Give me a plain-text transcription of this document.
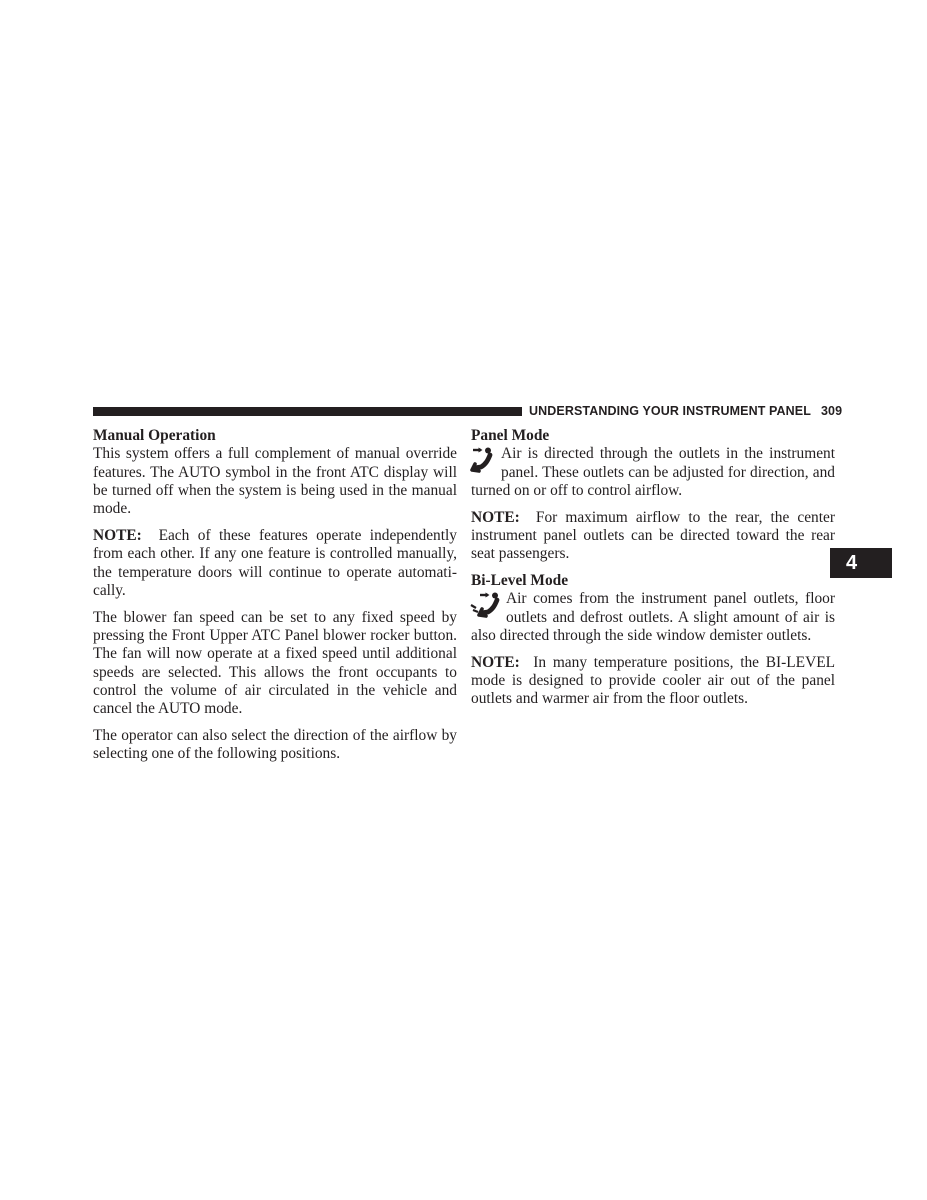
UNDERSTANDING YOUR INSTRUMENT PANEL 309
4
Manual Operation

This system offers a full complement of manual override features. The AUTO symbol in the front ATC display will be turned off when the system is being used in the manual mode.

NOTE: Each of these features operate independently from each other. If any one feature is controlled manually, the temperature doors will continue to operate automati-cally.

The blower fan speed can be set to any fixed speed by pressing the Front Upper ATC Panel blower rocker button. The fan will now operate at a fixed speed until additional speeds are selected. This allows the front occupants to control the volume of air circulated in the vehicle and cancel the AUTO mode.

The operator can also select the direction of the airflow by selecting one of the following positions.

Panel Mode

Air is directed through the outlets in the instrument panel. These outlets can be adjusted for direction, and turned on or off to control airflow.

NOTE: For maximum airflow to the rear, the center instrument panel outlets can be directed toward the rear seat passengers.

Bi-Level Mode

Air comes from the instrument panel outlets, floor outlets and defrost outlets. A slight amount of air is also directed through the side window demister outlets.

NOTE: In many temperature positions, the BI-LEVEL mode is designed to provide cooler air out of the panel outlets and warmer air from the floor outlets.
